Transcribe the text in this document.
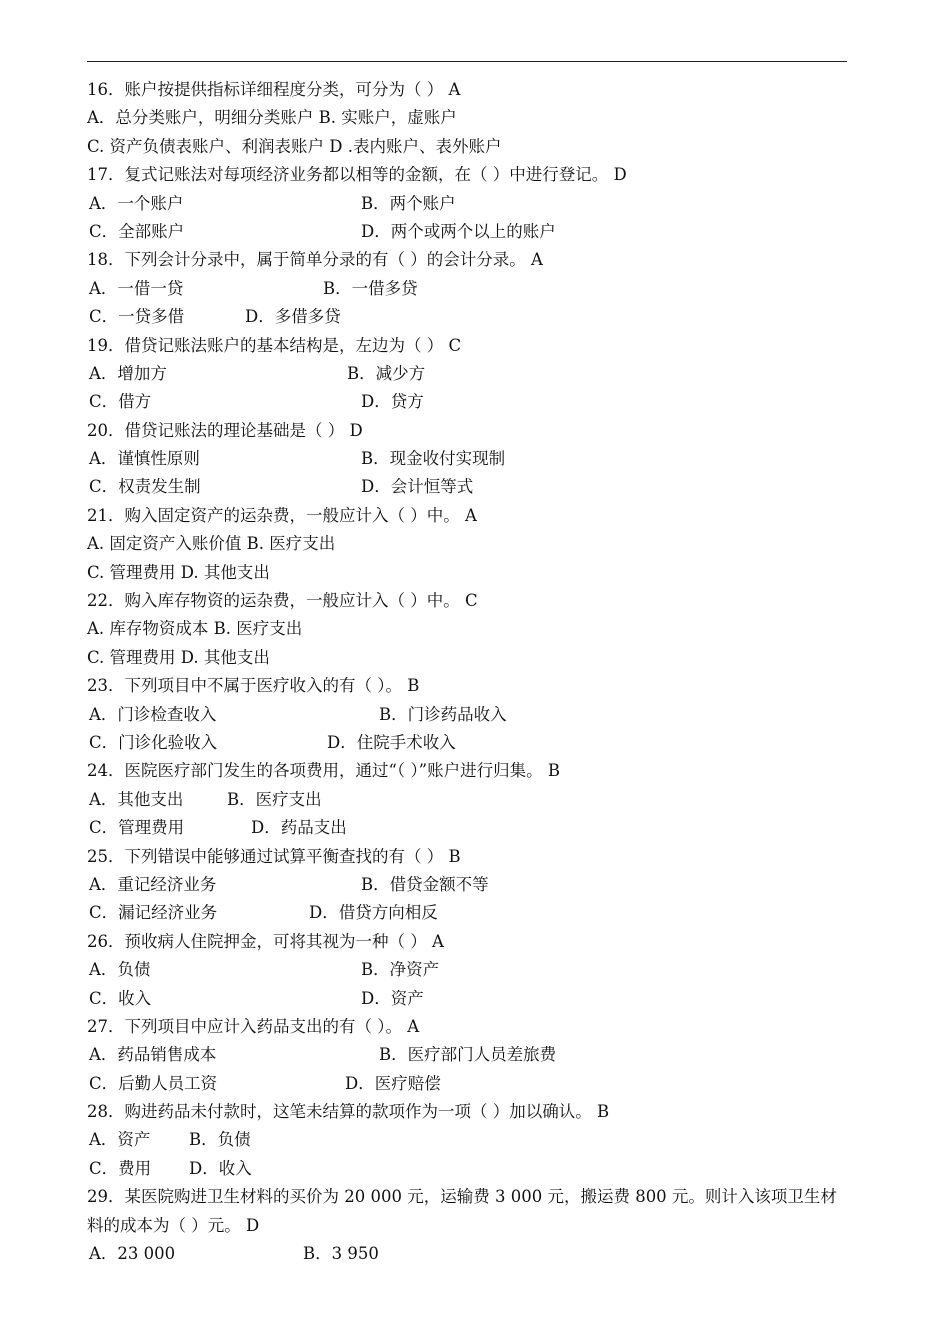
16．账户按提供指标详细程度分类，可分为（ ） A
A．总分类账户，明细分类账户 B. 实账户，虚账户
C. 资产负债表账户、利润表账户 D .表内账户、表外账户
17．复式记账法对每项经济业务都以相等的金额，在（ ）中进行登记。 D
A．一个账户	B．两个账户
C．全部账户	D．两个或两个以上的账户
18．下列会计分录中，属于简单分录的有（ ）的会计分录。 A
A．一借一贷	B．一借多贷
C．一贷多借	D．多借多贷
19．借贷记账法账户的基本结构是，左边为（ ） C
A．增加方	B．减少方
C．借方	D．贷方
20．借贷记账法的理论基础是（ ） D
A．谨慎性原则	B．现金收付实现制
C．权责发生制	D．会计恒等式
21．购入固定资产的运杂费，一般应计入（ ）中。 A
A. 固定资产入账价值 B. 医疗支出
C. 管理费用 D. 其他支出
22．购入库存物资的运杂费，一般应计入（ ）中。 C
A. 库存物资成本 B. 医疗支出
C. 管理费用 D. 其他支出
23．下列项目中不属于医疗收入的有（ ）。 B
A．门诊检查收入	B．门诊药品收入
C．门诊化验收入	D．住院手术收入
24．医院医疗部门发生的各项费用，通过“（ ）”账户进行归集。 B
A．其他支出	B．医疗支出
C．管理费用	D．药品支出
25．下列错误中能够通过试算平衡查找的有（ ） B
A．重记经济业务	B．借贷金额不等
C．漏记经济业务	D．借贷方向相反
26．预收病人住院押金，可将其视为一种（ ） A
A．负债	B．净资产
C．收入	D．资产
27．下列项目中应计入药品支出的有（ ）。 A
A．药品销售成本	B．医疗部门人员差旅费
C．后勤人员工资	D．医疗赔偿
28．购进药品未付款时，这笔未结算的款项作为一项（ ）加以确认。 B
A．资产 B．负债
C．费用 D．收入
29．某医院购进卫生材料的买价为 20 000 元，运输费 3 000 元，搬运费 800 元。则计入该项卫生材料的成本为（ ）元。 D
A．23 000	B．3 950
